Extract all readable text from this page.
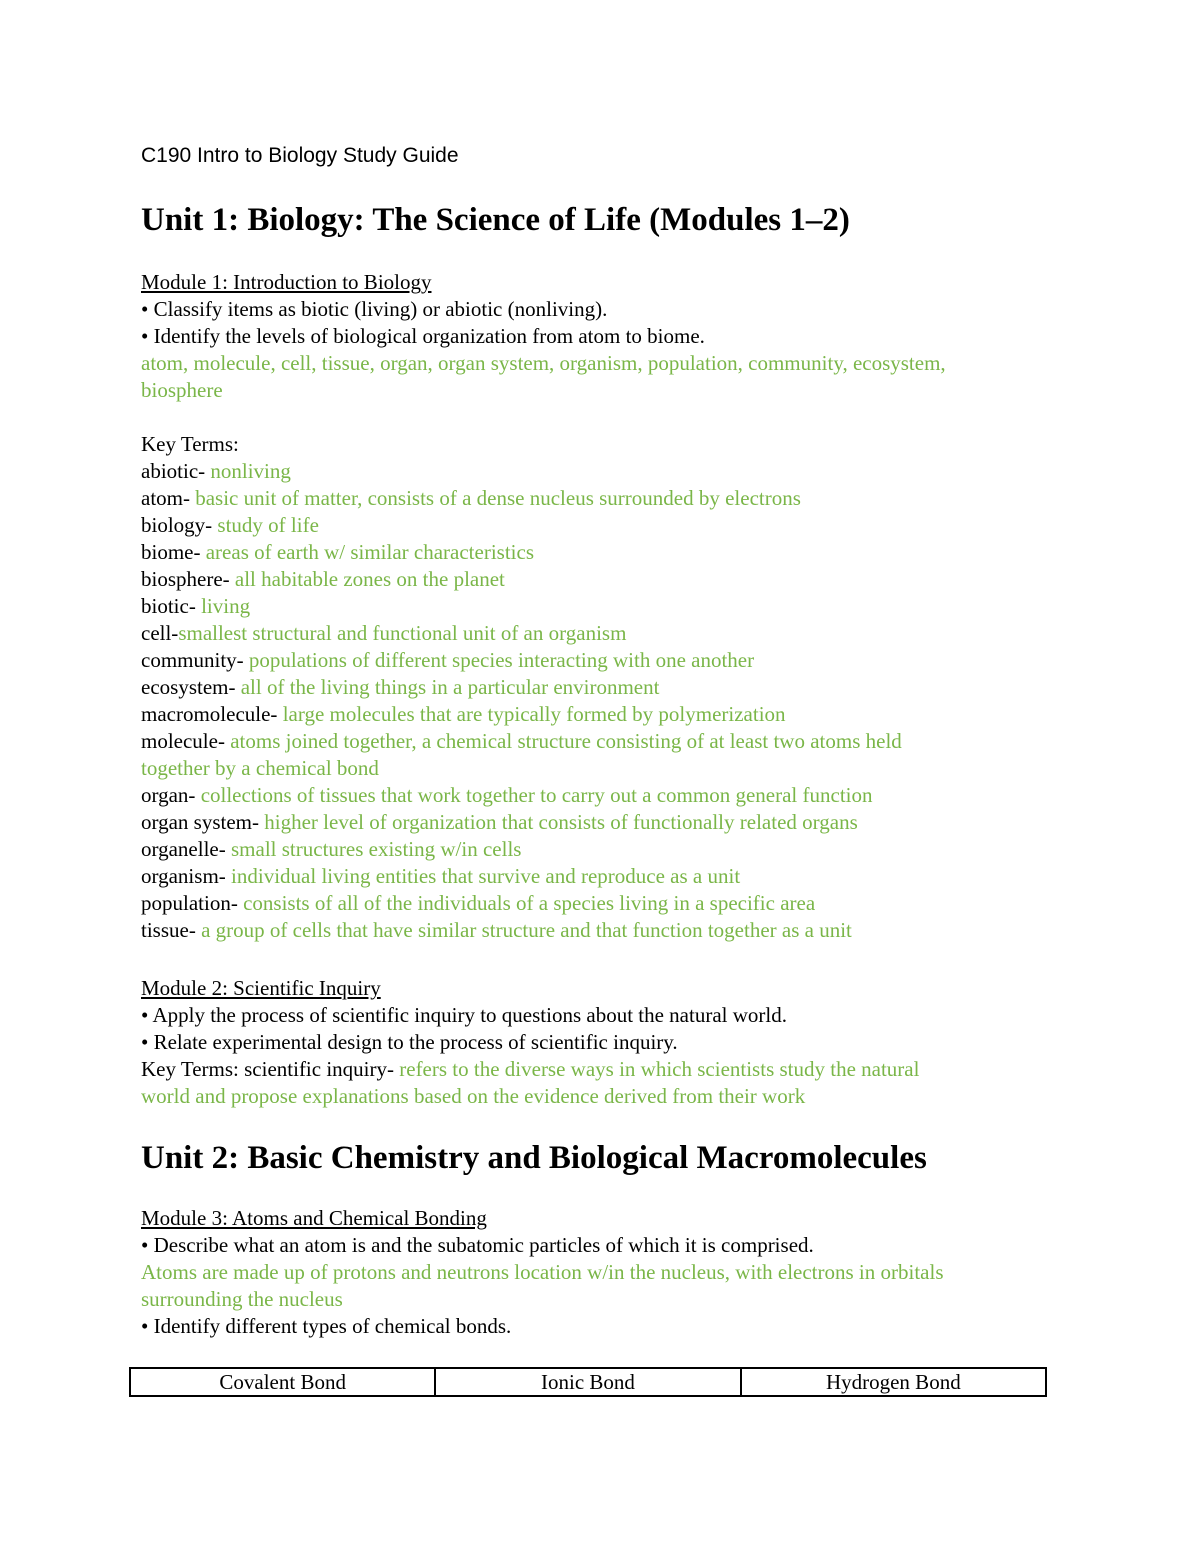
C190 Intro to Biology Study Guide
Unit 1: Biology: The Science of Life (Modules 1–2)
Module 1: Introduction to Biology
• Classify items as biotic (living) or abiotic (nonliving).
• Identify the levels of biological organization from atom to biome.
atom, molecule, cell, tissue, organ, organ system, organism, population, community, ecosystem,
biosphere
Key Terms:
abiotic- nonliving
atom- basic unit of matter, consists of a dense nucleus surrounded by electrons
biology- study of life
biome- areas of earth w/ similar characteristics
biosphere- all habitable zones on the planet
biotic- living
cell-smallest structural and functional unit of an organism
community- populations of different species interacting with one another
ecosystem- all of the living things in a particular environment
macromolecule- large molecules that are typically formed by polymerization
molecule- atoms joined together, a chemical structure consisting of at least two atoms held
together by a chemical bond
organ- collections of tissues that work together to carry out a common general function
organ system- higher level of organization that consists of functionally related organs
organelle- small structures existing w/in cells
organism- individual living entities that survive and reproduce as a unit
population- consists of all of the individuals of a species living in a specific area
tissue- a group of cells that have similar structure and that function together as a unit
Module 2: Scientific Inquiry
• Apply the process of scientific inquiry to questions about the natural world.
• Relate experimental design to the process of scientific inquiry.
Key Terms: scientific inquiry- refers to the diverse ways in which scientists study the natural
world and propose explanations based on the evidence derived from their work
Unit 2: Basic Chemistry and Biological Macromolecules
Module 3: Atoms and Chemical Bonding
• Describe what an atom is and the subatomic particles of which it is comprised.
Atoms are made up of protons and neutrons location w/in the nucleus, with electrons in orbitals
surrounding the nucleus
• Identify different types of chemical bonds.
Covalent Bond	Ionic Bond	Hydrogen Bond
